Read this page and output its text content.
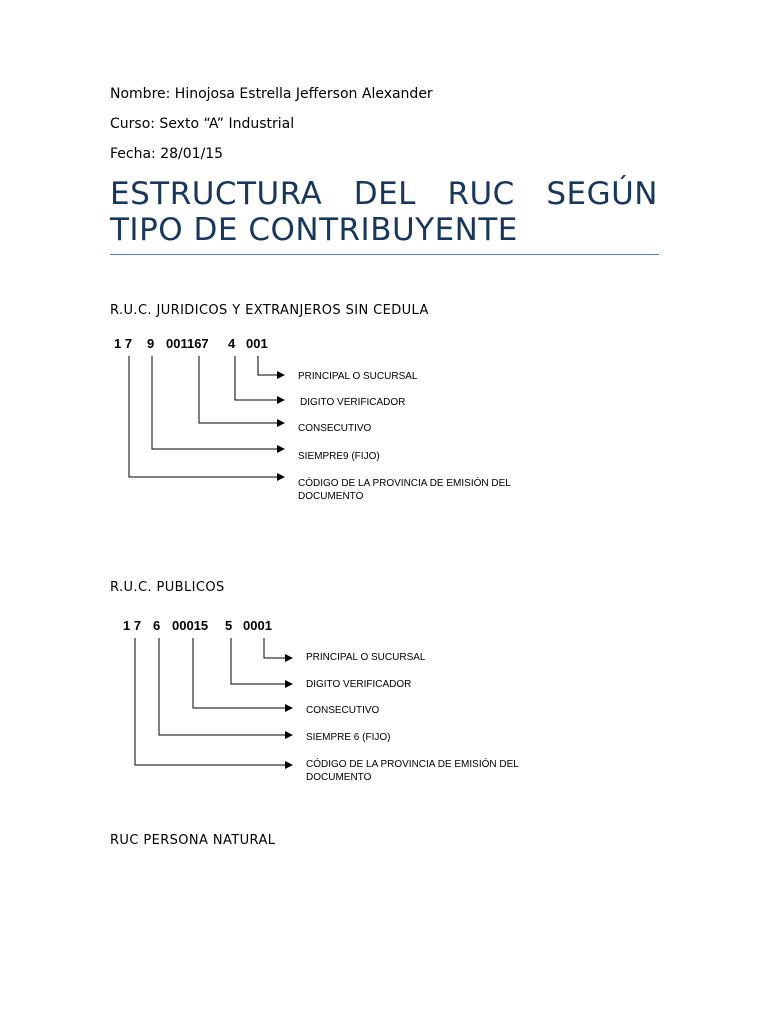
Nombre: Hinojosa Estrella Jefferson Alexander
Curso: Sexto “A” Industrial
Fecha: 28/01/15
ESTRUCTURA DEL RUC SEGÚN
TIPO DE CONTRIBUYENTE
R.U.C. JURIDICOS Y EXTRANJEROS SIN CEDULA
1 7 9 001167 4 001
PRINCIPAL O SUCURSAL
DIGITO VERIFICADOR
CONSECUTIVO
SIEMPRE9 (FIJO)
CÓDIGO DE LA PROVINCIA DE EMISIÓN DEL
DOCUMENTO
R.U.C. PUBLICOS
1 7 6 00015 5 0001
PRINCIPAL O SUCURSAL
DIGITO VERIFICADOR
CONSECUTIVO
SIEMPRE 6 (FIJO)
CÓDIGO DE LA PROVINCIA DE EMISIÓN DEL
DOCUMENTO
RUC PERSONA NATURAL
